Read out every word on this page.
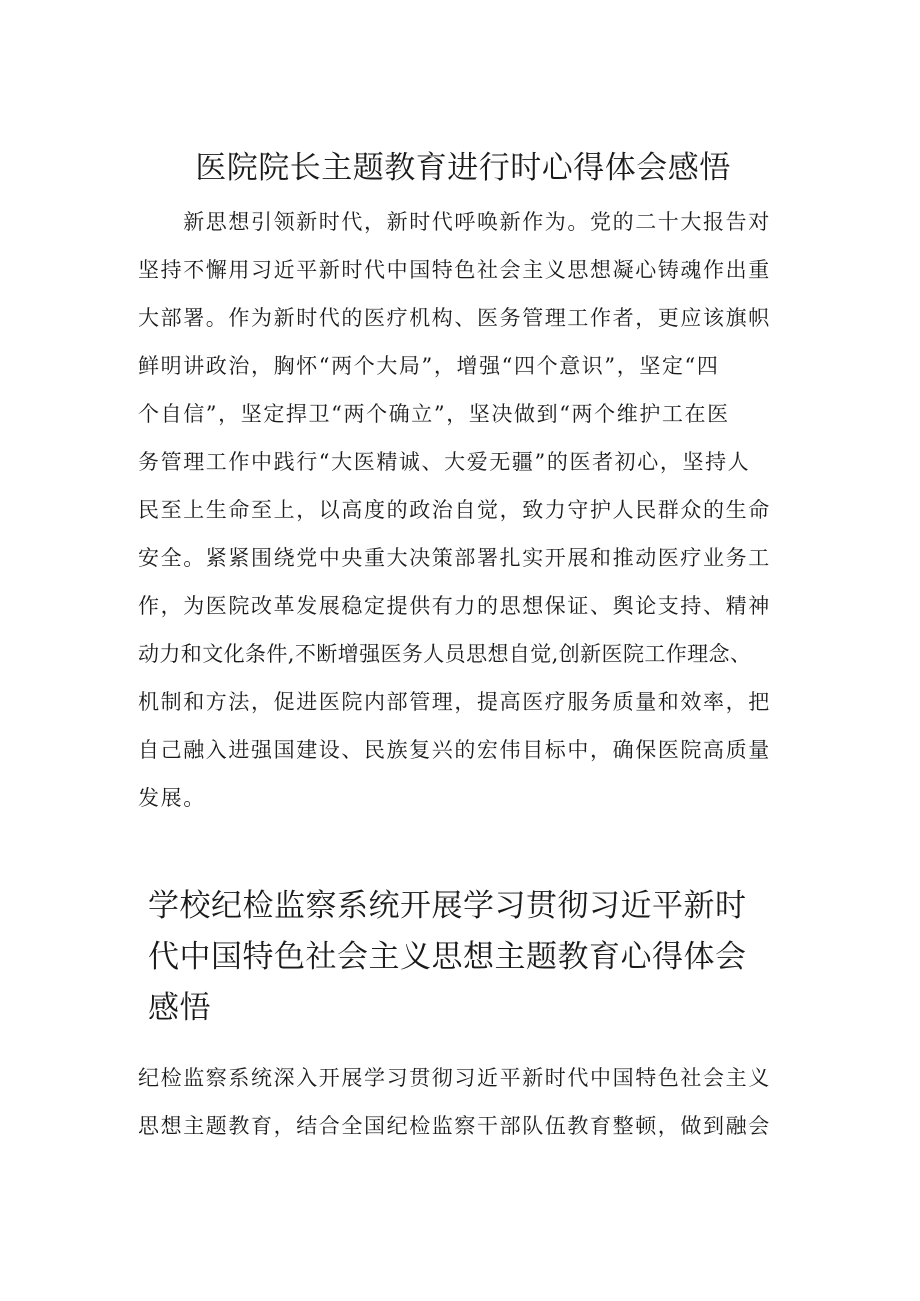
医院院长主题教育进行时心得体会感悟
　　新思想引领新时代，新时代呼唤新作为。党的二十大报告对
坚持不懈用习近平新时代中国特色社会主义思想凝心铸魂作出重
大部署。作为新时代的医疗机构、医务管理工作者，更应该旗帜
鲜明讲政治，胸怀“两个大局”，增强“四个意识”，坚定“四
个自信”，坚定捍卫“两个确立”，坚决做到“两个维护工在医
务管理工作中践行“大医精诚、大爱无疆”的医者初心，坚持人
民至上生命至上，以高度的政治自觉，致力守护人民群众的生命
安全。紧紧围绕党中央重大决策部署扎实开展和推动医疗业务工
作，为医院改革发展稳定提供有力的思想保证、舆论支持、精神
动力和文化条件,不断增强医务人员思想自觉,创新医院工作理念、
机制和方法，促进医院内部管理，提高医疗服务质量和效率，把
自己融入进强国建设、民族复兴的宏伟目标中，确保医院高质量
发展。
学校纪检监察系统开展学习贯彻习近平新时
代中国特色社会主义思想主题教育心得体会
感悟
纪检监察系统深入开展学习贯彻习近平新时代中国特色社会主义
思想主题教育，结合全国纪检监察干部队伍教育整顿，做到融会
